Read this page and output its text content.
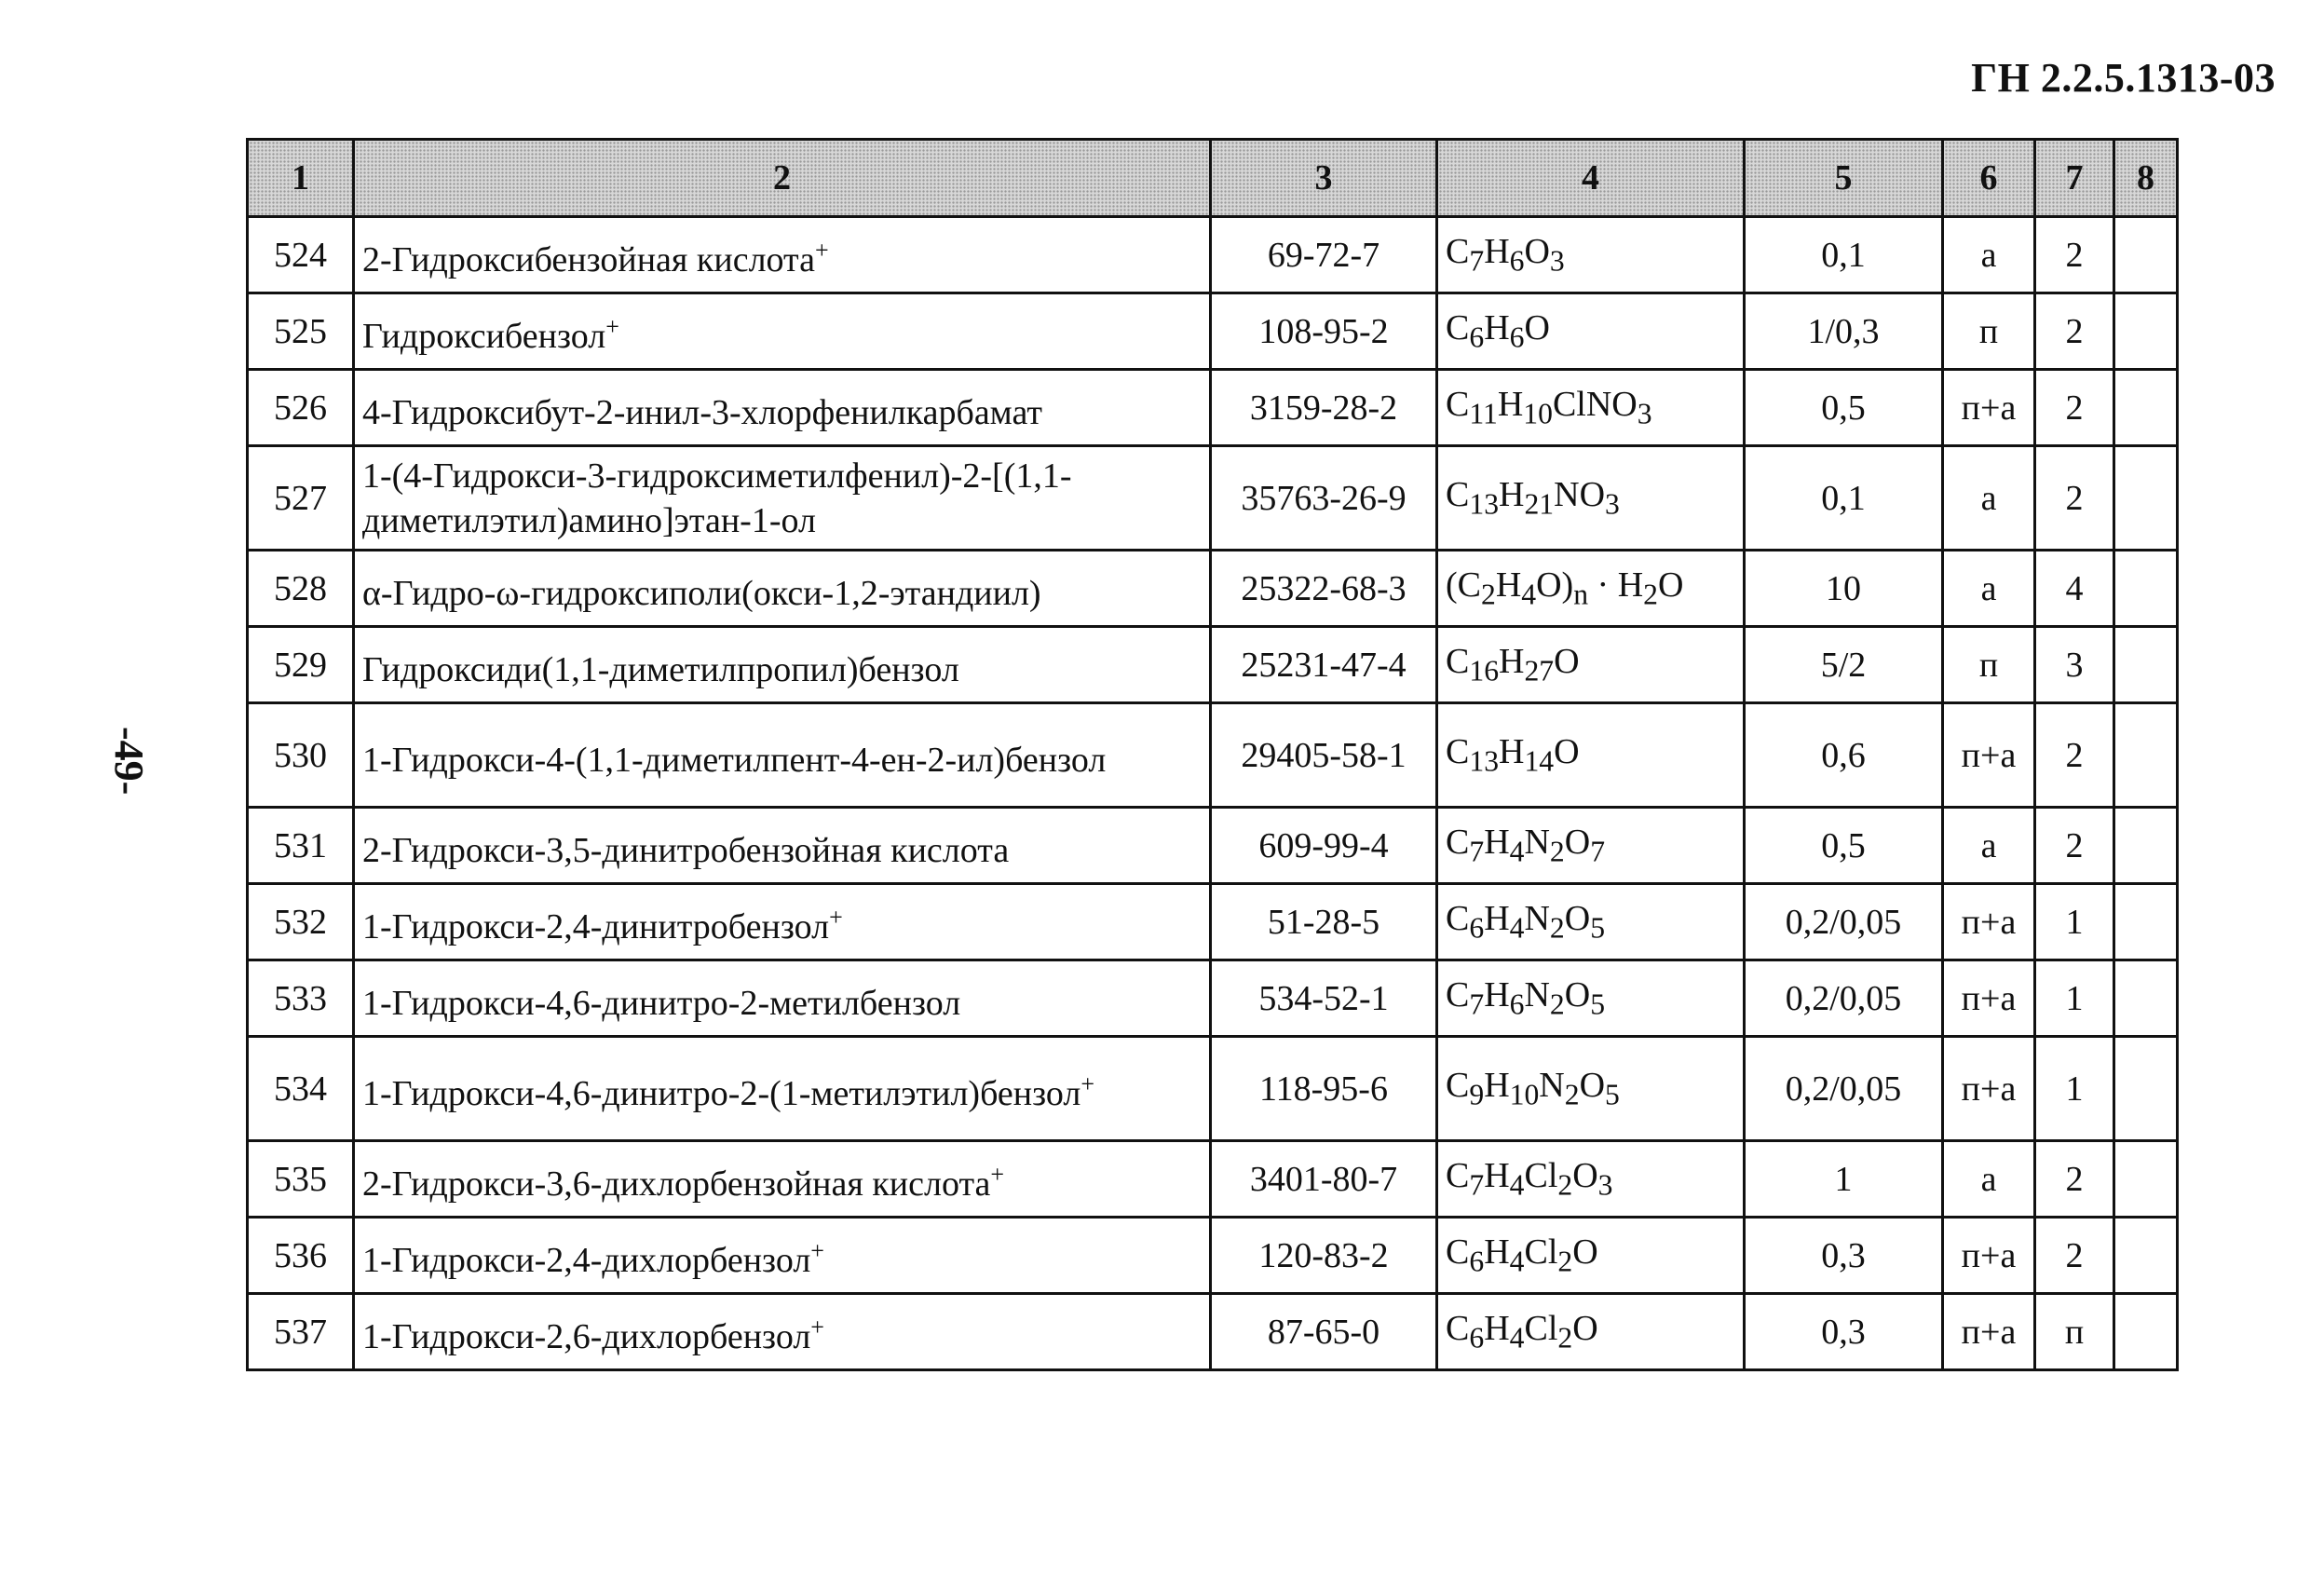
ГН 2.2.5.1313-03
-49-
1	2	3	4	5	6	7	8
524	2-Гидроксибензойная кислота+	69-72-7	$C_7H_6O_3$	0,1	а	2	
525	Гидроксибензол+	108-95-2	$C_6H_6O$	1/0,3	п	2	
526	4-Гидроксибут-2-инил-3-хлорфенилкарбамат	3159-28-2	$C_{11}H_{10}ClNO_3$	0,5	п+а	2	
527	1-(4-Гидрокси-3-гидроксиметилфенил)-2-[(1,1-диметилэтил)амино]этан-1-ол	35763-26-9	$C_{13}H_{21}NO_3$	0,1	а	2	
528	α-Гидро-ω-гидроксиполи(окси-1,2-этандиил)	25322-68-3	$(C_2H_4O)_n \cdot H_2O$	10	а	4	
529	Гидроксиди(1,1-диметилпропил)бензол	25231-47-4	$C_{16}H_{27}O$	5/2	п	3	
530	1-Гидрокси-4-(1,1-диметилпент-4-ен-2-ил)бензол	29405-58-1	$C_{13}H_{14}O$	0,6	п+а	2	
531	2-Гидрокси-3,5-динитробензойная кислота	609-99-4	$C_7H_4N_2O_7$	0,5	а	2	
532	1-Гидрокси-2,4-динитробензол+	51-28-5	$C_6H_4N_2O_5$	0,2/0,05	п+а	1	
533	1-Гидрокси-4,6-динитро-2-метилбензол	534-52-1	$C_7H_6N_2O_5$	0,2/0,05	п+а	1	
534	1-Гидрокси-4,6-динитро-2-(1-метилэтил)бензол+	118-95-6	$C_9H_{10}N_2O_5$	0,2/0,05	п+а	1	
535	2-Гидрокси-3,6-дихлорбензойная кислота+	3401-80-7	$C_7H_4Cl_2O_3$	1	а	2	
536	1-Гидрокси-2,4-дихлорбензол+	120-83-2	$C_6H_4Cl_2O$	0,3	п+а	2	
537	1-Гидрокси-2,6-дихлорбензол+	87-65-0	$C_6H_4Cl_2O$	0,3	п+а	п	
